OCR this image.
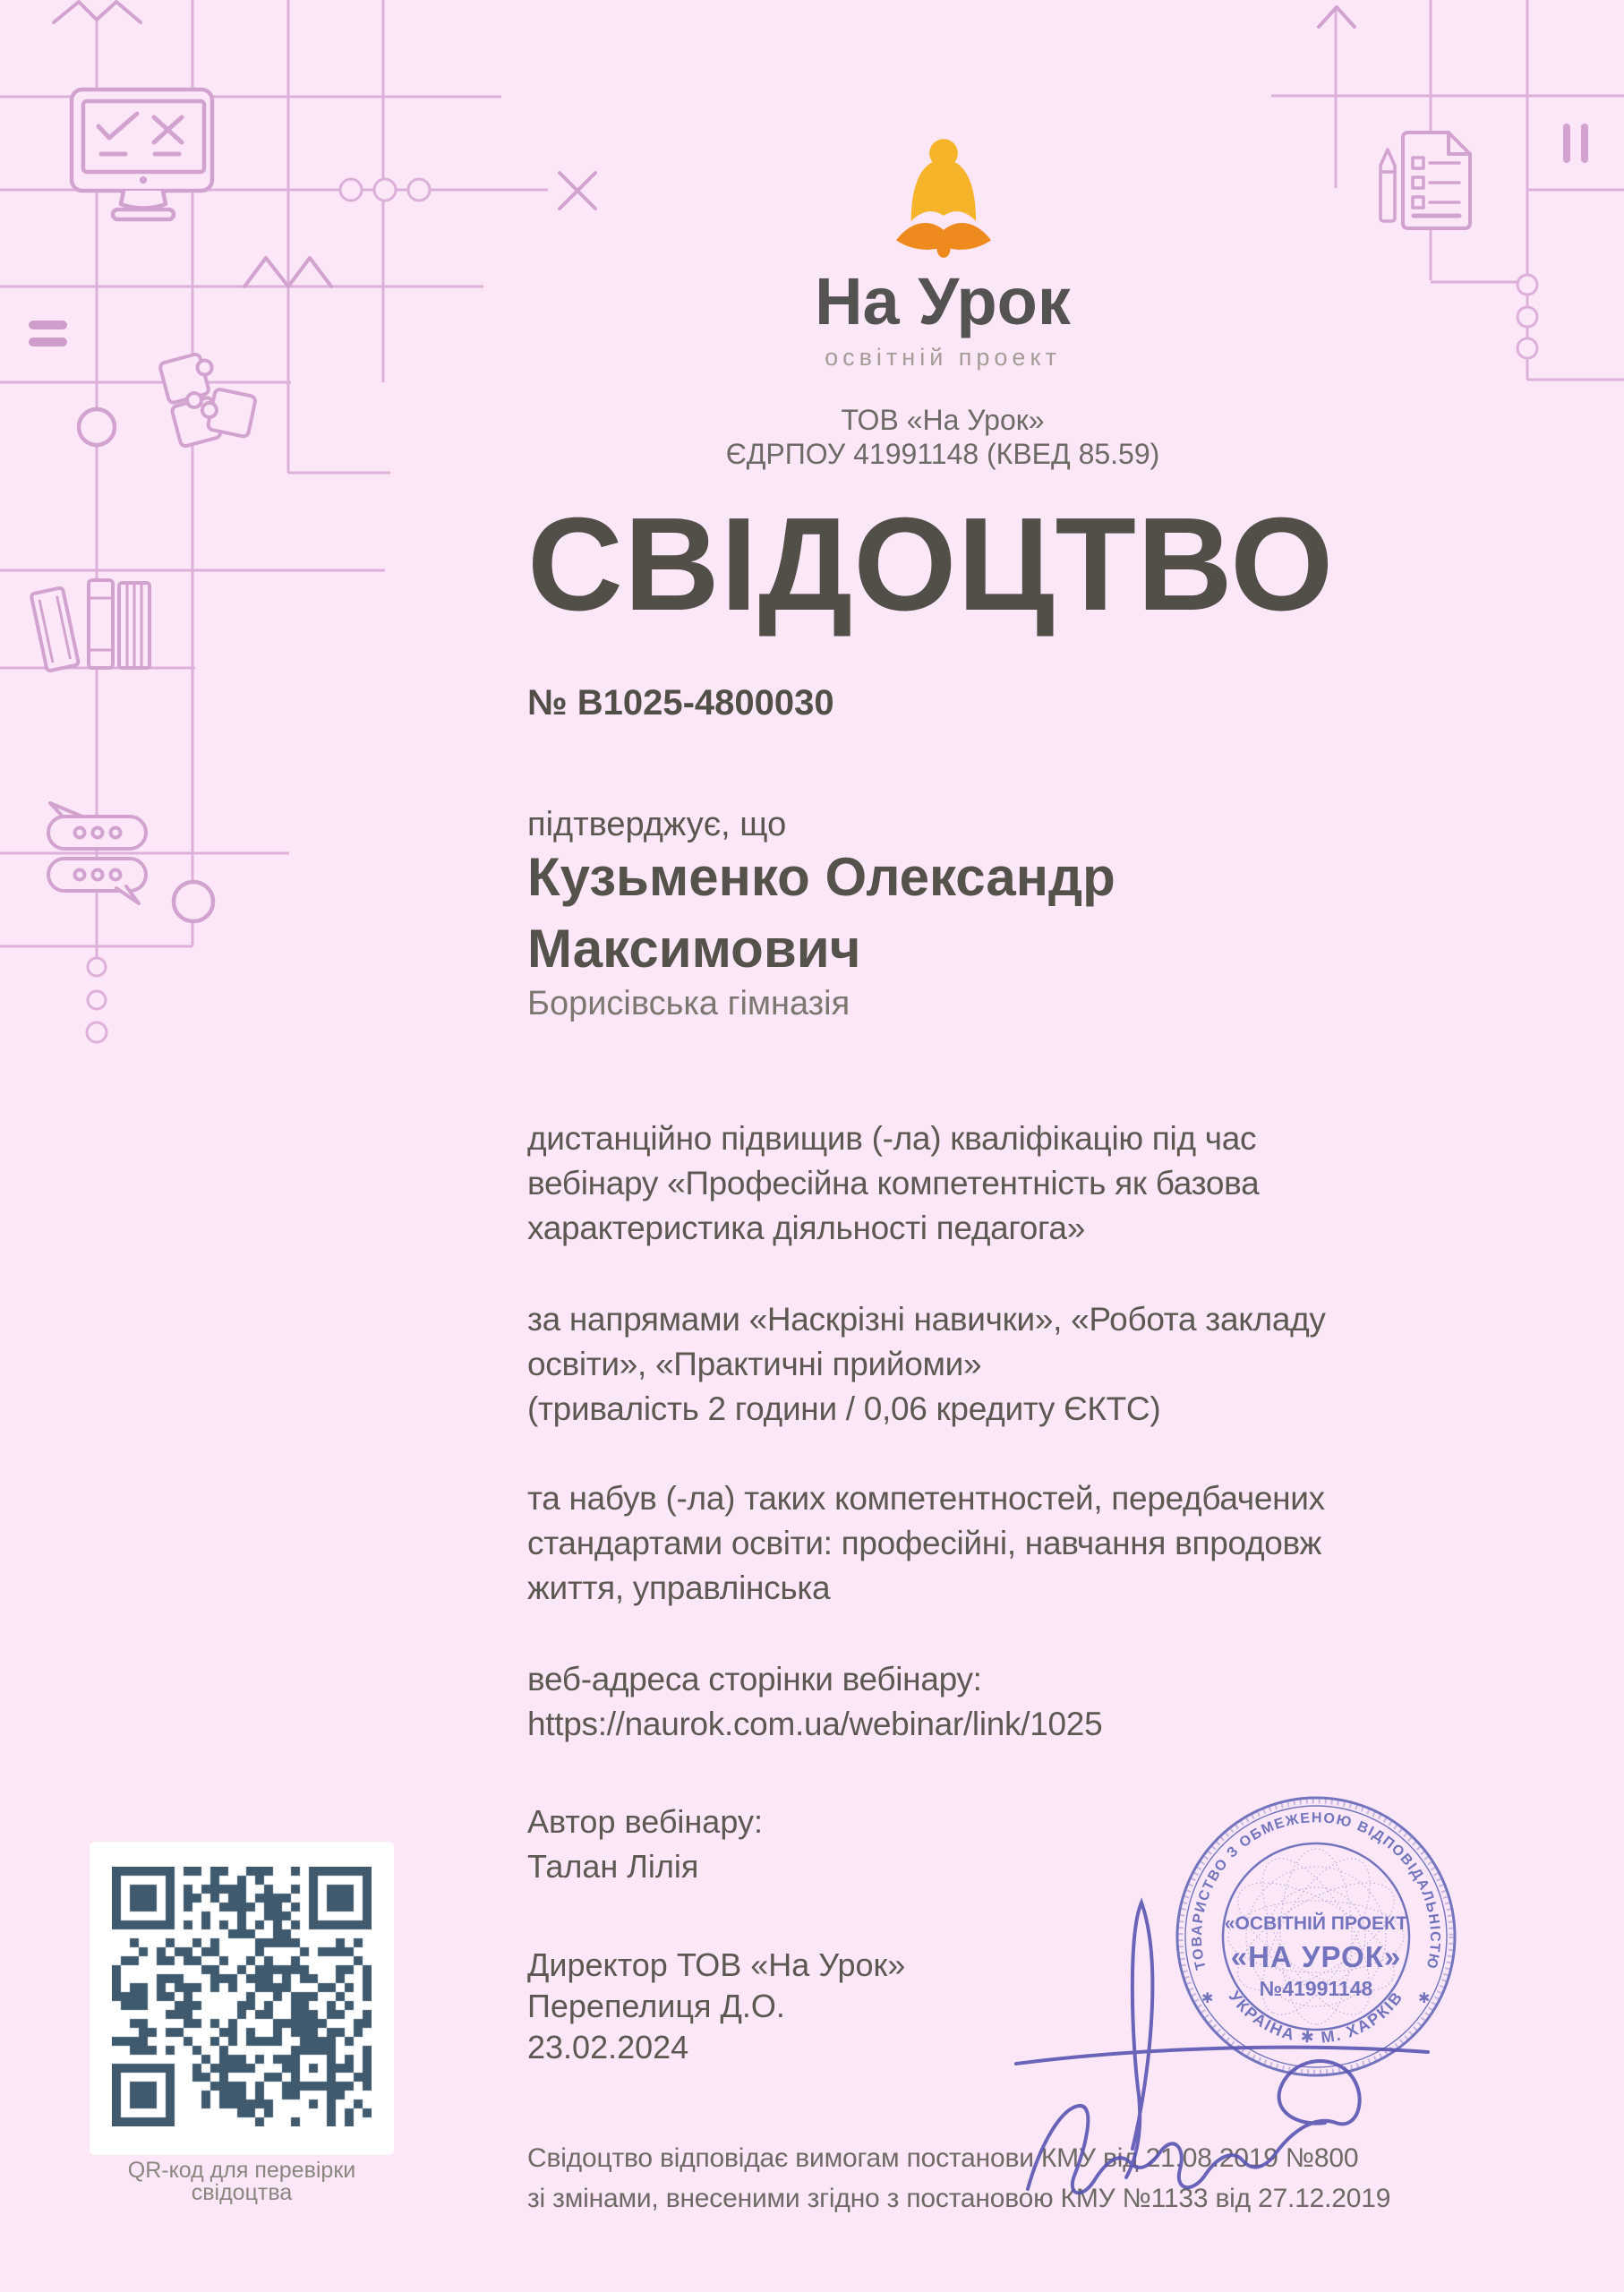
На Урок
освітній проект
ТОВ «На Урок»
ЄДРПОУ 41991148 (КВЕД 85.59)
СВІДОЦТВО
№ В1025-4800030
підтверджує, що
Кузьменко Олександр
Максимович
Борисівська гімназія
дистанційно підвищив (-ла) кваліфікацію під час
вебінару «Професійна компетентність як базова
характеристика діяльності педагога»
за напрямами «Наскрізні навички», «Робота закладу
освіти», «Практичні прийоми»
(тривалість 2 години / 0,06 кредиту ЄКТС)
та набув (-ла) таких компетентностей, передбачених
стандартами освіти: професійні, навчання впродовж
життя, управлінська
веб-адреса сторінки вебінару:
https://naurok.com.ua/webinar/link/1025
Автор вебінару:
Талан Лілія
Директор ТОВ «На Урок»
Перепелиця Д.О.
23.02.2024
Свідоцтво відповідає вимогам постанови КМУ від 21.08.2019 №800
зі змінами, внесеними згідно з постановою КМУ №1133 від 27.12.2019
QR-код для перевірки свідоцтва
ТОВАРИСТВО З ОБМЕЖЕНОЮ ВІДПОВІДАЛЬНІСТЮ
УКРАЇНА ✱ М. ХАРКІВ
✱	✱
«ОСВІТНІЙ ПРОЕКТ
«НА УРОК»
№41991148
